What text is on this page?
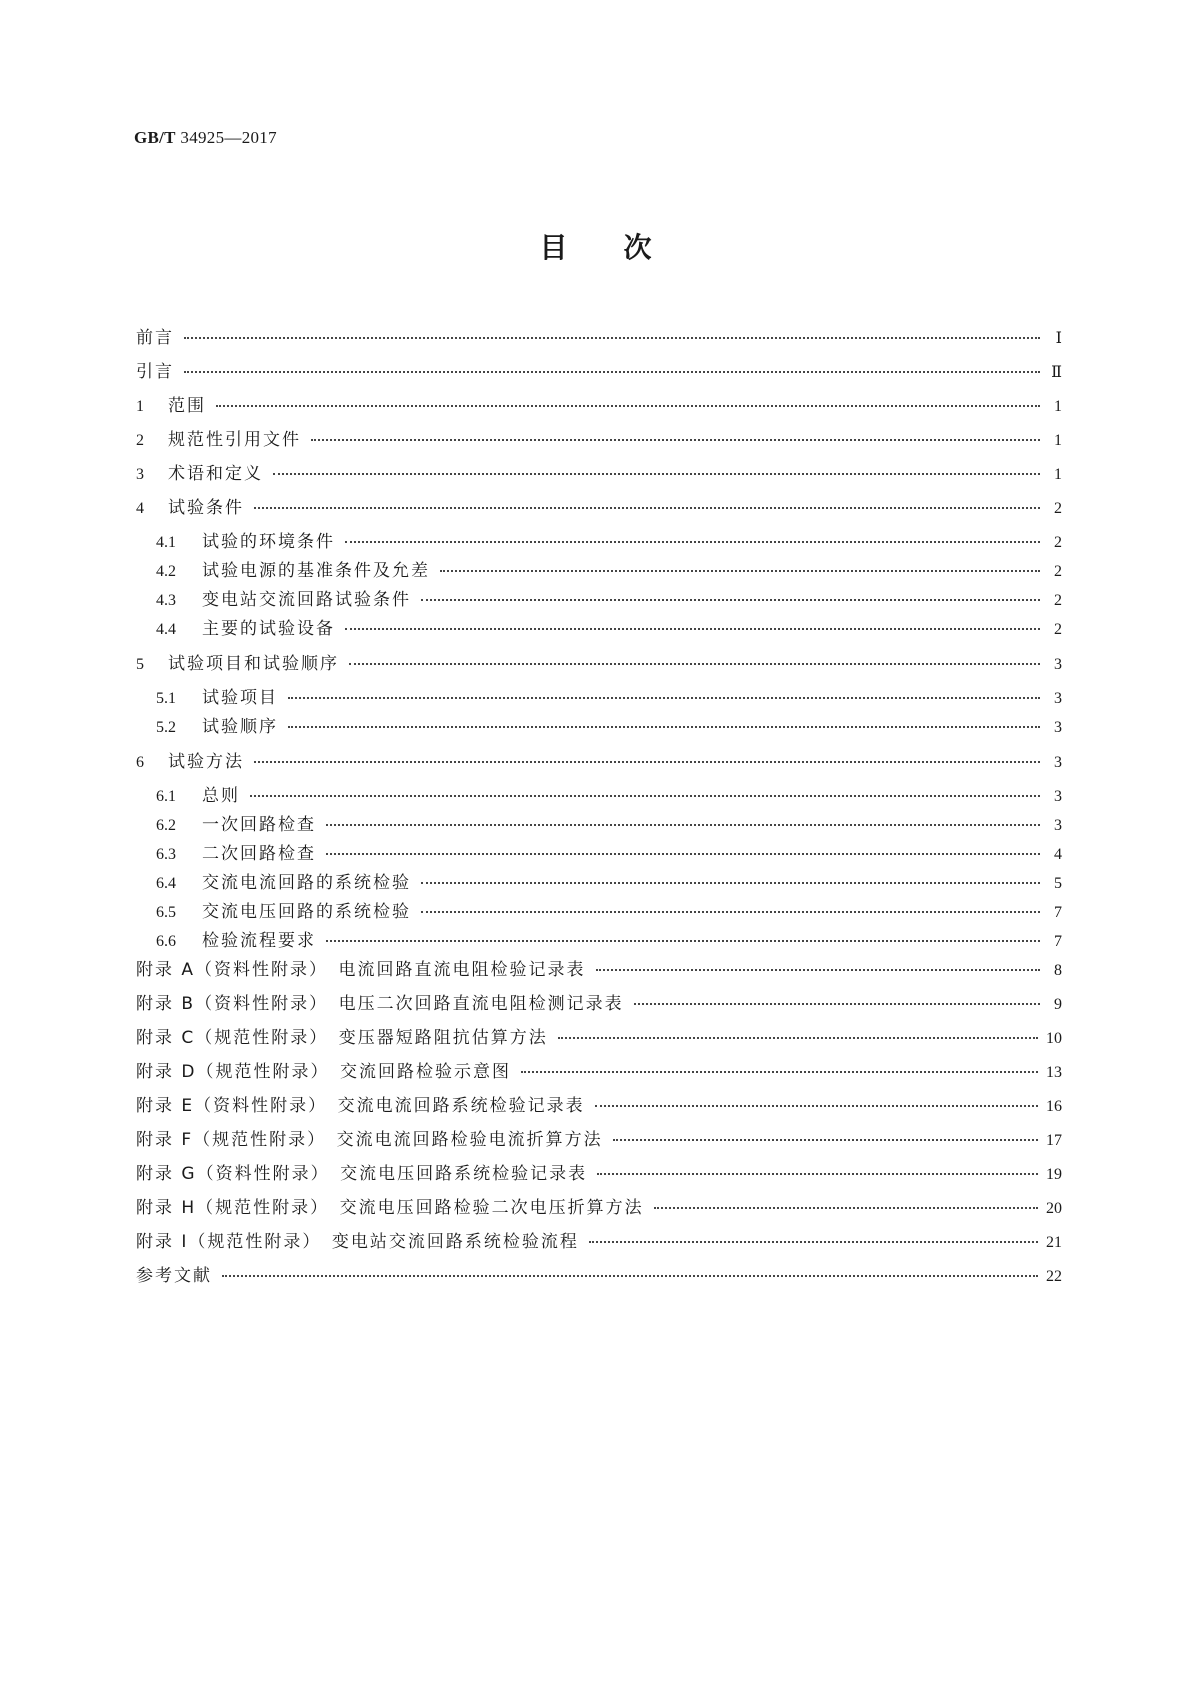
GB/T 34925—2017
目次
前言	Ⅰ
引言	Ⅱ
1	范围	1
2	规范性引用文件	1
3	术语和定义	1
4	试验条件	2
4.1	试验的环境条件	2
4.2	试验电源的基准条件及允差	2
4.3	变电站交流回路试验条件	2
4.4	主要的试验设备	2
5	试验项目和试验顺序	3
5.1	试验项目	3
5.2	试验顺序	3
6	试验方法	3
6.1	总则	3
6.2	一次回路检查	3
6.3	二次回路检查	4
6.4	交流电流回路的系统检验	5
6.5	交流电压回路的系统检验	7
6.6	检验流程要求	7
附录 A（资料性附录）　电流回路直流电阻检验记录表	8
附录 B（资料性附录）　电压二次回路直流电阻检测记录表	9
附录 C（规范性附录）　变压器短路阻抗估算方法	10
附录 D（规范性附录）　交流回路检验示意图	13
附录 E（资料性附录）　交流电流回路系统检验记录表	16
附录 F（规范性附录）　交流电流回路检验电流折算方法	17
附录 G（资料性附录）　交流电压回路系统检验记录表	19
附录 H（规范性附录）　交流电压回路检验二次电压折算方法	20
附录 I（规范性附录）　变电站交流回路系统检验流程	21
参考文献	22
